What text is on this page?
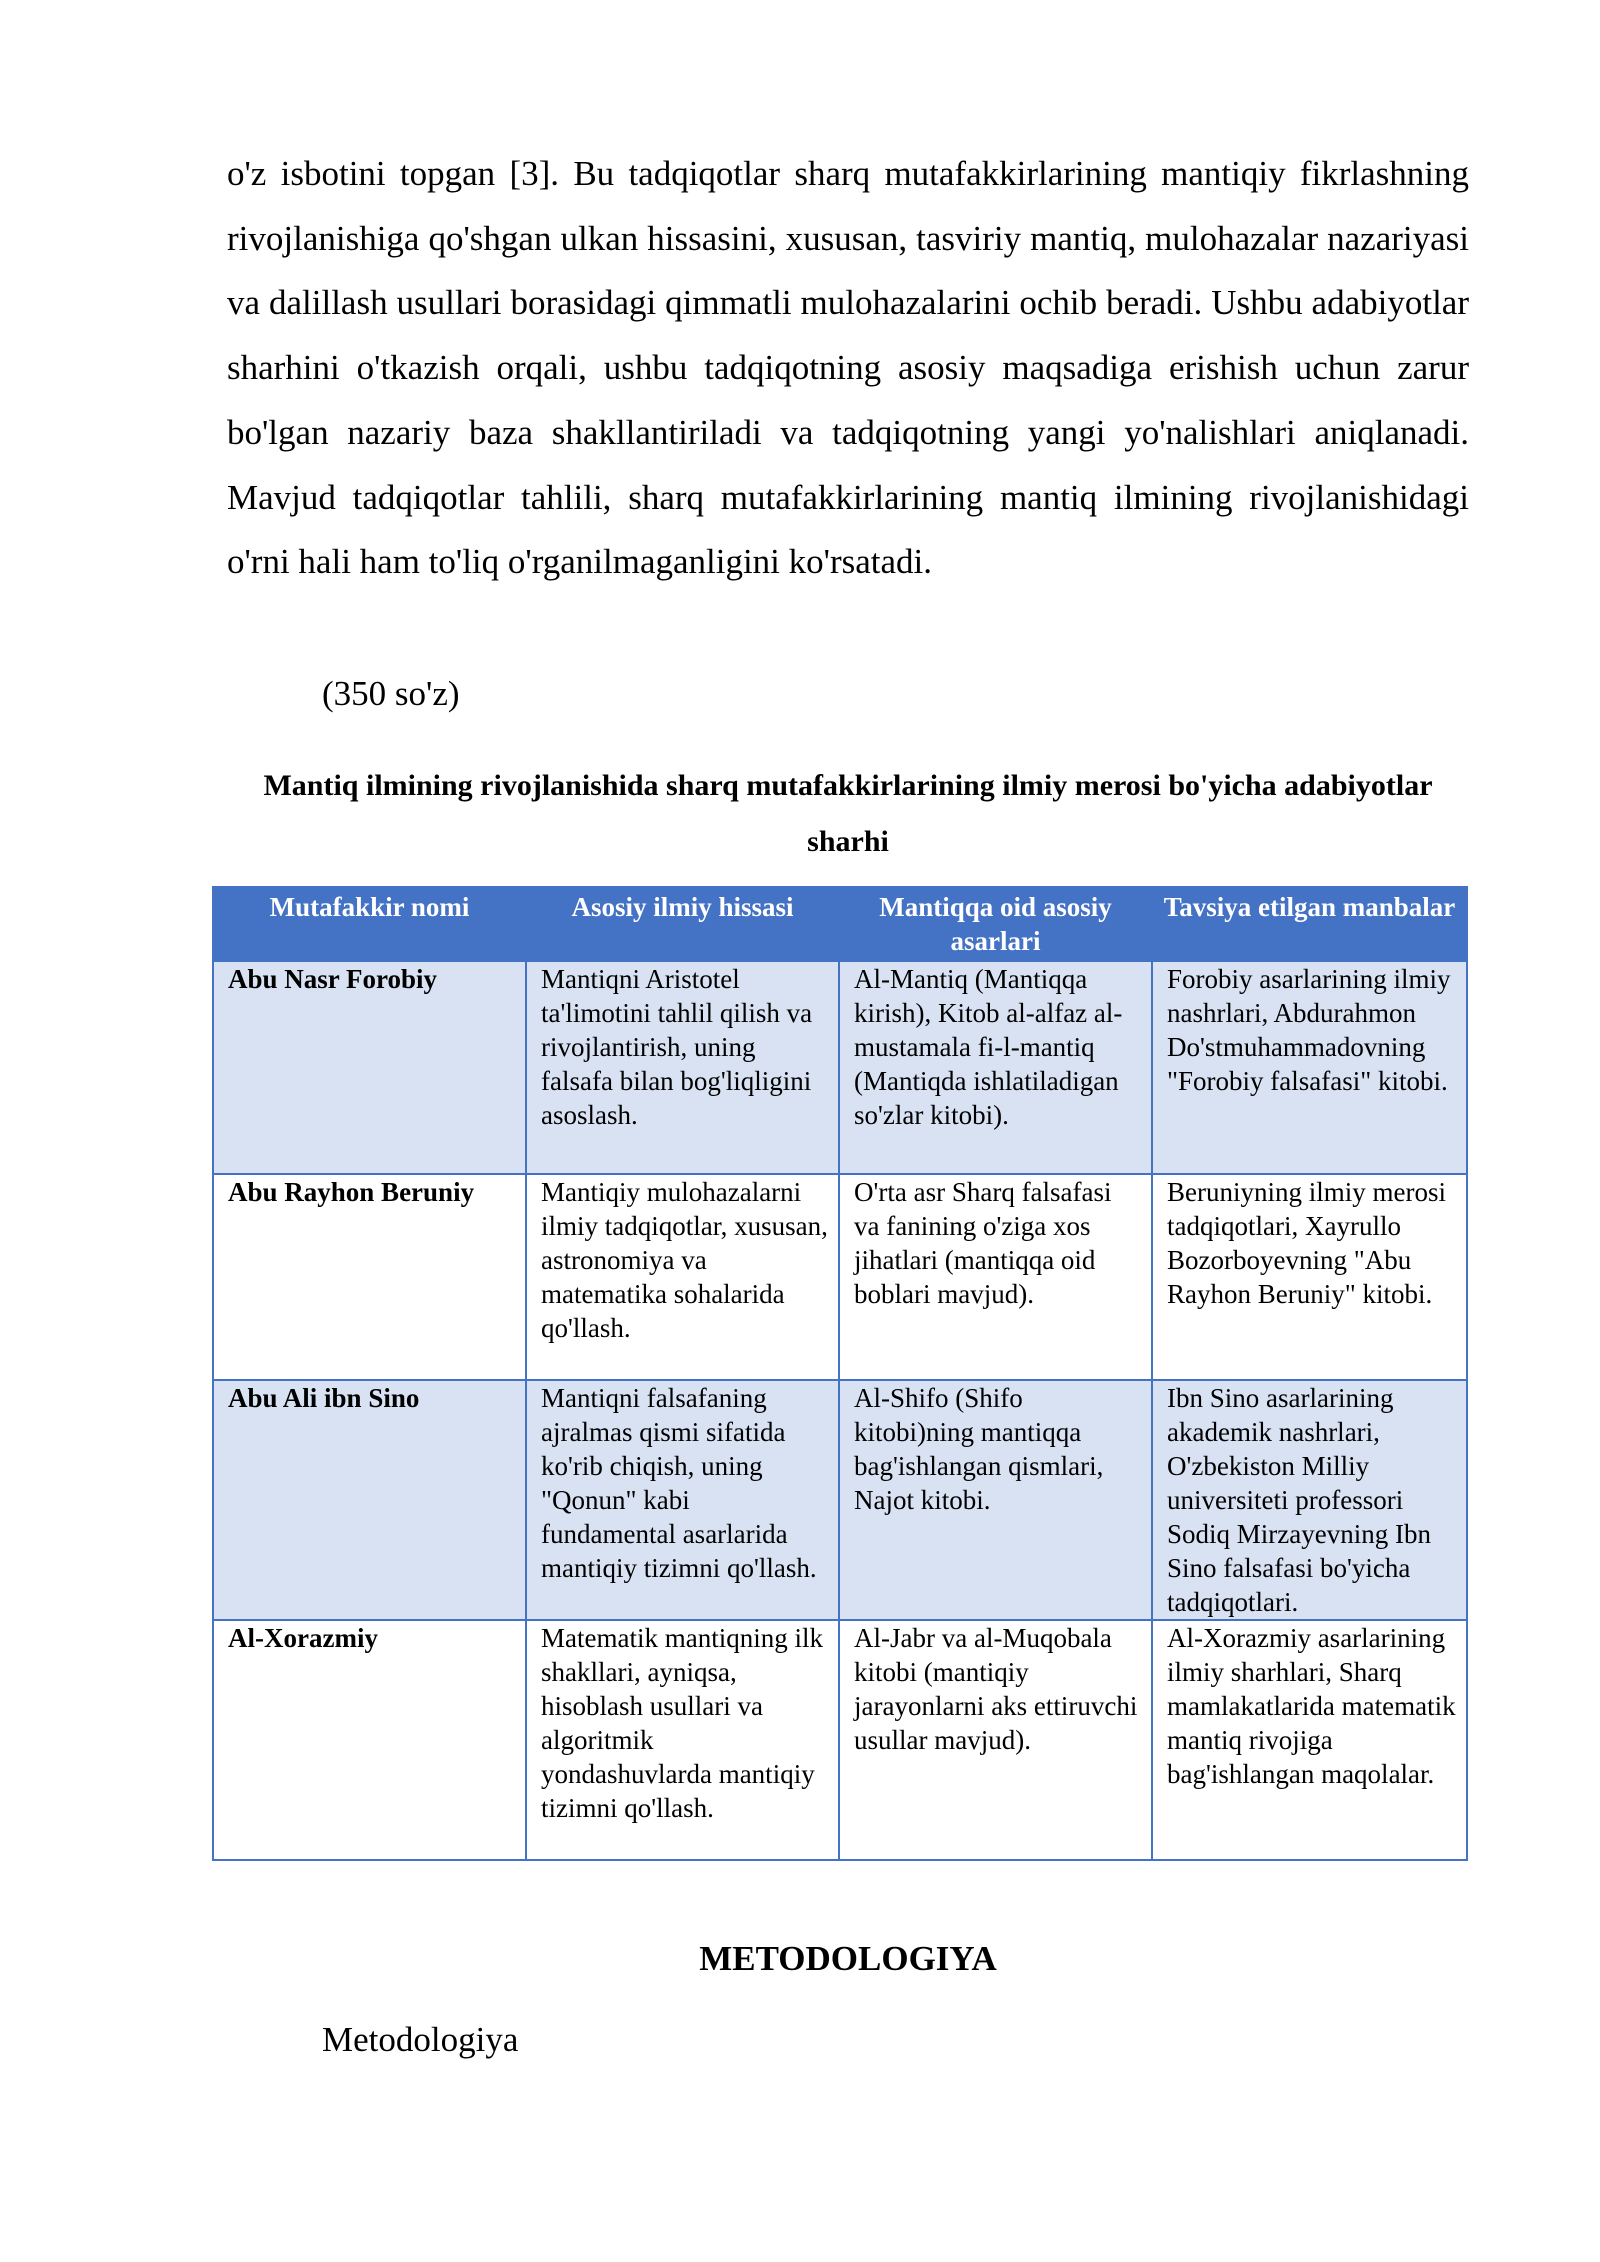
o'z isbotini topgan [3]. Bu tadqiqotlar sharq mutafakkirlarining mantiqiy fikrlashning rivojlanishiga qo'shgan ulkan hissasini, xususan, tasviriy mantiq, mulohazalar nazariyasi va dalillash usullari borasidagi qimmatli mulohazalarini ochib beradi. Ushbu adabiyotlar sharhini o'tkazish orqali, ushbu tadqiqotning asosiy maqsadiga erishish uchun zarur bo'lgan nazariy baza shakllantiriladi va tadqiqotning yangi yo'nalishlari aniqlanadi. Mavjud tadqiqotlar tahlili, sharq mutafakkirlarining mantiq ilmining rivojlanishidagi o'rni hali ham to'liq o'rganilmaganligini ko'rsatadi.

(350 so'z)

Mantiq ilmining rivojlanishida sharq mutafakkirlarining ilmiy merosi bo'yicha adabiyotlar sharhi

Mutafakkir nomi	Asosiy ilmiy hissasi	Mantiqqa oid asosiy asarlari	Tavsiya etilgan manbalar
Abu Nasr Forobiy	Mantiqni Aristotel ta'limotini tahlil qilish va rivojlantirish, uning falsafa bilan bog'liqligini asoslash.	Al-Mantiq (Mantiqqa kirish), Kitob al-alfaz al-mustamala fi-l-mantiq (Mantiqda ishlatiladigan so'zlar kitobi).	Forobiy asarlarining ilmiy nashrlari, Abdurahmon Do'stmuhammadovning "Forobiy falsafasi" kitobi.
Abu Rayhon Beruniy	Mantiqiy mulohazalarni ilmiy tadqiqotlar, xususan, astronomiya va matematika sohalarida qo'llash.	O'rta asr Sharq falsafasi va fanining o'ziga xos jihatlari (mantiqqa oid boblari mavjud).	Beruniyning ilmiy merosi tadqiqotlari, Xayrullo Bozorboyevning "Abu Rayhon Beruniy" kitobi.
Abu Ali ibn Sino	Mantiqni falsafaning ajralmas qismi sifatida ko'rib chiqish, uning "Qonun" kabi fundamental asarlarida mantiqiy tizimni qo'llash.	Al-Shifo (Shifo kitobi)ning mantiqqa bag'ishlangan qismlari, Najot kitobi.	Ibn Sino asarlarining akademik nashrlari, O'zbekiston Milliy universiteti professori Sodiq Mirzayevning Ibn Sino falsafasi bo'yicha tadqiqotlari.
Al-Xorazmiy	Matematik mantiqning ilk shakllari, ayniqsa, hisoblash usullari va algoritmik yondashuvlarda mantiqiy tizimni qo'llash.	Al-Jabr va al-Muqobala kitobi (mantiqiy jarayonlarni aks ettiruvchi usullar mavjud).	Al-Xorazmiy asarlarining ilmiy sharhlari, Sharq mamlakatlarida matematik mantiq rivojiga bag'ishlangan maqolalar.
METODOLOGIYA

Metodologiya
